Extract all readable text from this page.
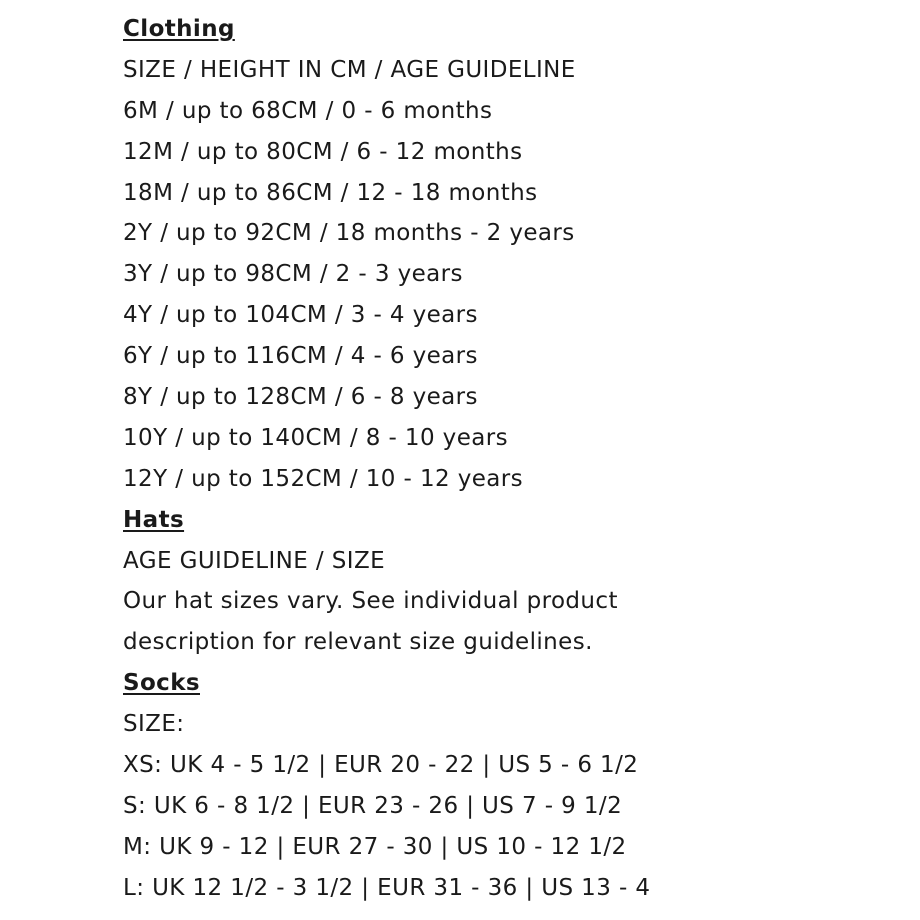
Clothing

SIZE / HEIGHT IN CM / AGE GUIDELINE

6M / up to 68CM / 0 - 6 months

12M / up to 80CM / 6 - 12 months

18M / up to 86CM / 12 - 18 months

2Y / up to 92CM / 18 months - 2 years

3Y / up to 98CM / 2 - 3 years

4Y / up to 104CM / 3 - 4 years

6Y / up to 116CM / 4 - 6 years

8Y / up to 128CM / 6 - 8 years

10Y / up to 140CM / 8 - 10 years

12Y / up to 152CM / 10 - 12 years

Hats

AGE GUIDELINE / SIZE

Our hat sizes vary. See individual product

description for relevant size guidelines.

Socks

SIZE:

XS: UK 4 - 5 1/2 | EUR 20 - 22 | US 5 - 6 1/2

S: UK 6 - 8 1/2 | EUR 23 - 26 | US 7 - 9 1/2

M: UK 9 - 12 | EUR 27 - 30 | US 10 - 12 1/2

L: UK 12 1/2 - 3 1/2 | EUR 31 - 36 | US 13 - 4
